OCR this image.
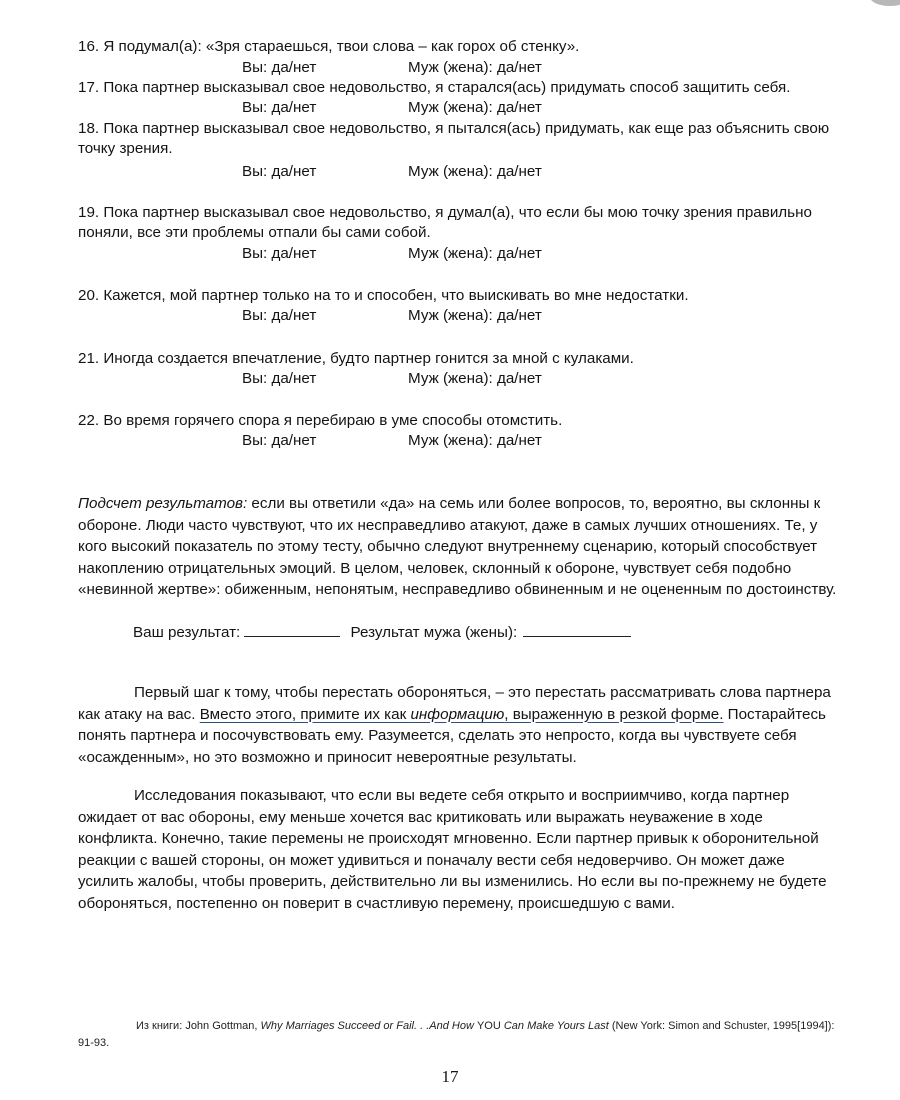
16. Я подумал(а): «Зря стараешься, твои слова – как горох об стенку».
Вы: да/нет	Муж (жена): да/нет
17. Пока партнер высказывал свое недовольство, я старался(ась) придумать способ защитить себя.
Вы: да/нет	Муж (жена): да/нет
18. Пока партнер высказывал свое недовольство, я пытался(ась) придумать, как еще раз объяснить свою точку зрения.
Вы: да/нет	Муж (жена): да/нет
19. Пока партнер высказывал свое недовольство, я думал(а), что если бы мою точку зрения правильно поняли, все эти проблемы отпали бы сами собой.
Вы: да/нет	Муж (жена): да/нет
20. Кажется, мой партнер только на то и способен, что выискивать во мне недостатки.
Вы: да/нет	Муж (жена): да/нет
21. Иногда создается впечатление, будто партнер гонится за мной с кулаками.
Вы: да/нет	Муж (жена): да/нет
22. Во время горячего спора я перебираю в уме способы отомстить.
Вы: да/нет	Муж (жена): да/нет
Подсчет результатов: если вы ответили «да» на семь или более вопросов, то, вероятно, вы склонны к обороне. Люди часто чувствуют, что их несправедливо атакуют, даже в самых лучших отношениях. Те, у кого высокий показатель по этому тесту, обычно следуют внутреннему сценарию, который способствует накоплению отрицательных эмоций. В целом, человек, склонный к обороне, чувствует себя подобно «невинной жертве»: обиженным, непонятым, несправедливо обвиненным и не оцененным по достоинству.
Ваш результат:	Результат мужа (жены):
Первый шаг к тому, чтобы перестать обороняться, – это перестать рассматривать слова партнера как атаку на вас. Вместо этого, примите их как информацию, выраженную в резкой форме. Постарайтесь понять партнера и посочувствовать ему. Разумеется, сделать это непросто, когда вы чувствуете себя «осажденным», но это возможно и приносит невероятные результаты.
Исследования показывают, что если вы ведете себя открыто и восприимчиво, когда партнер ожидает от вас обороны, ему меньше хочется вас критиковать или выражать неуважение в ходе конфликта. Конечно, такие перемены не происходят мгновенно. Если партнер привык к оборонительной реакции с вашей стороны, он может удивиться и поначалу вести себя недоверчиво. Он может даже усилить жалобы, чтобы проверить, действительно ли вы изменились. Но если вы по-прежнему не будете обороняться, постепенно он поверит в счастливую перемену, происшедшую с вами.
Из книги: John Gottman, Why Marriages Succeed or Fail. . .And How YOU Can Make Yours Last (New York: Simon and Schuster, 1995[1994]): 91-93.
17
